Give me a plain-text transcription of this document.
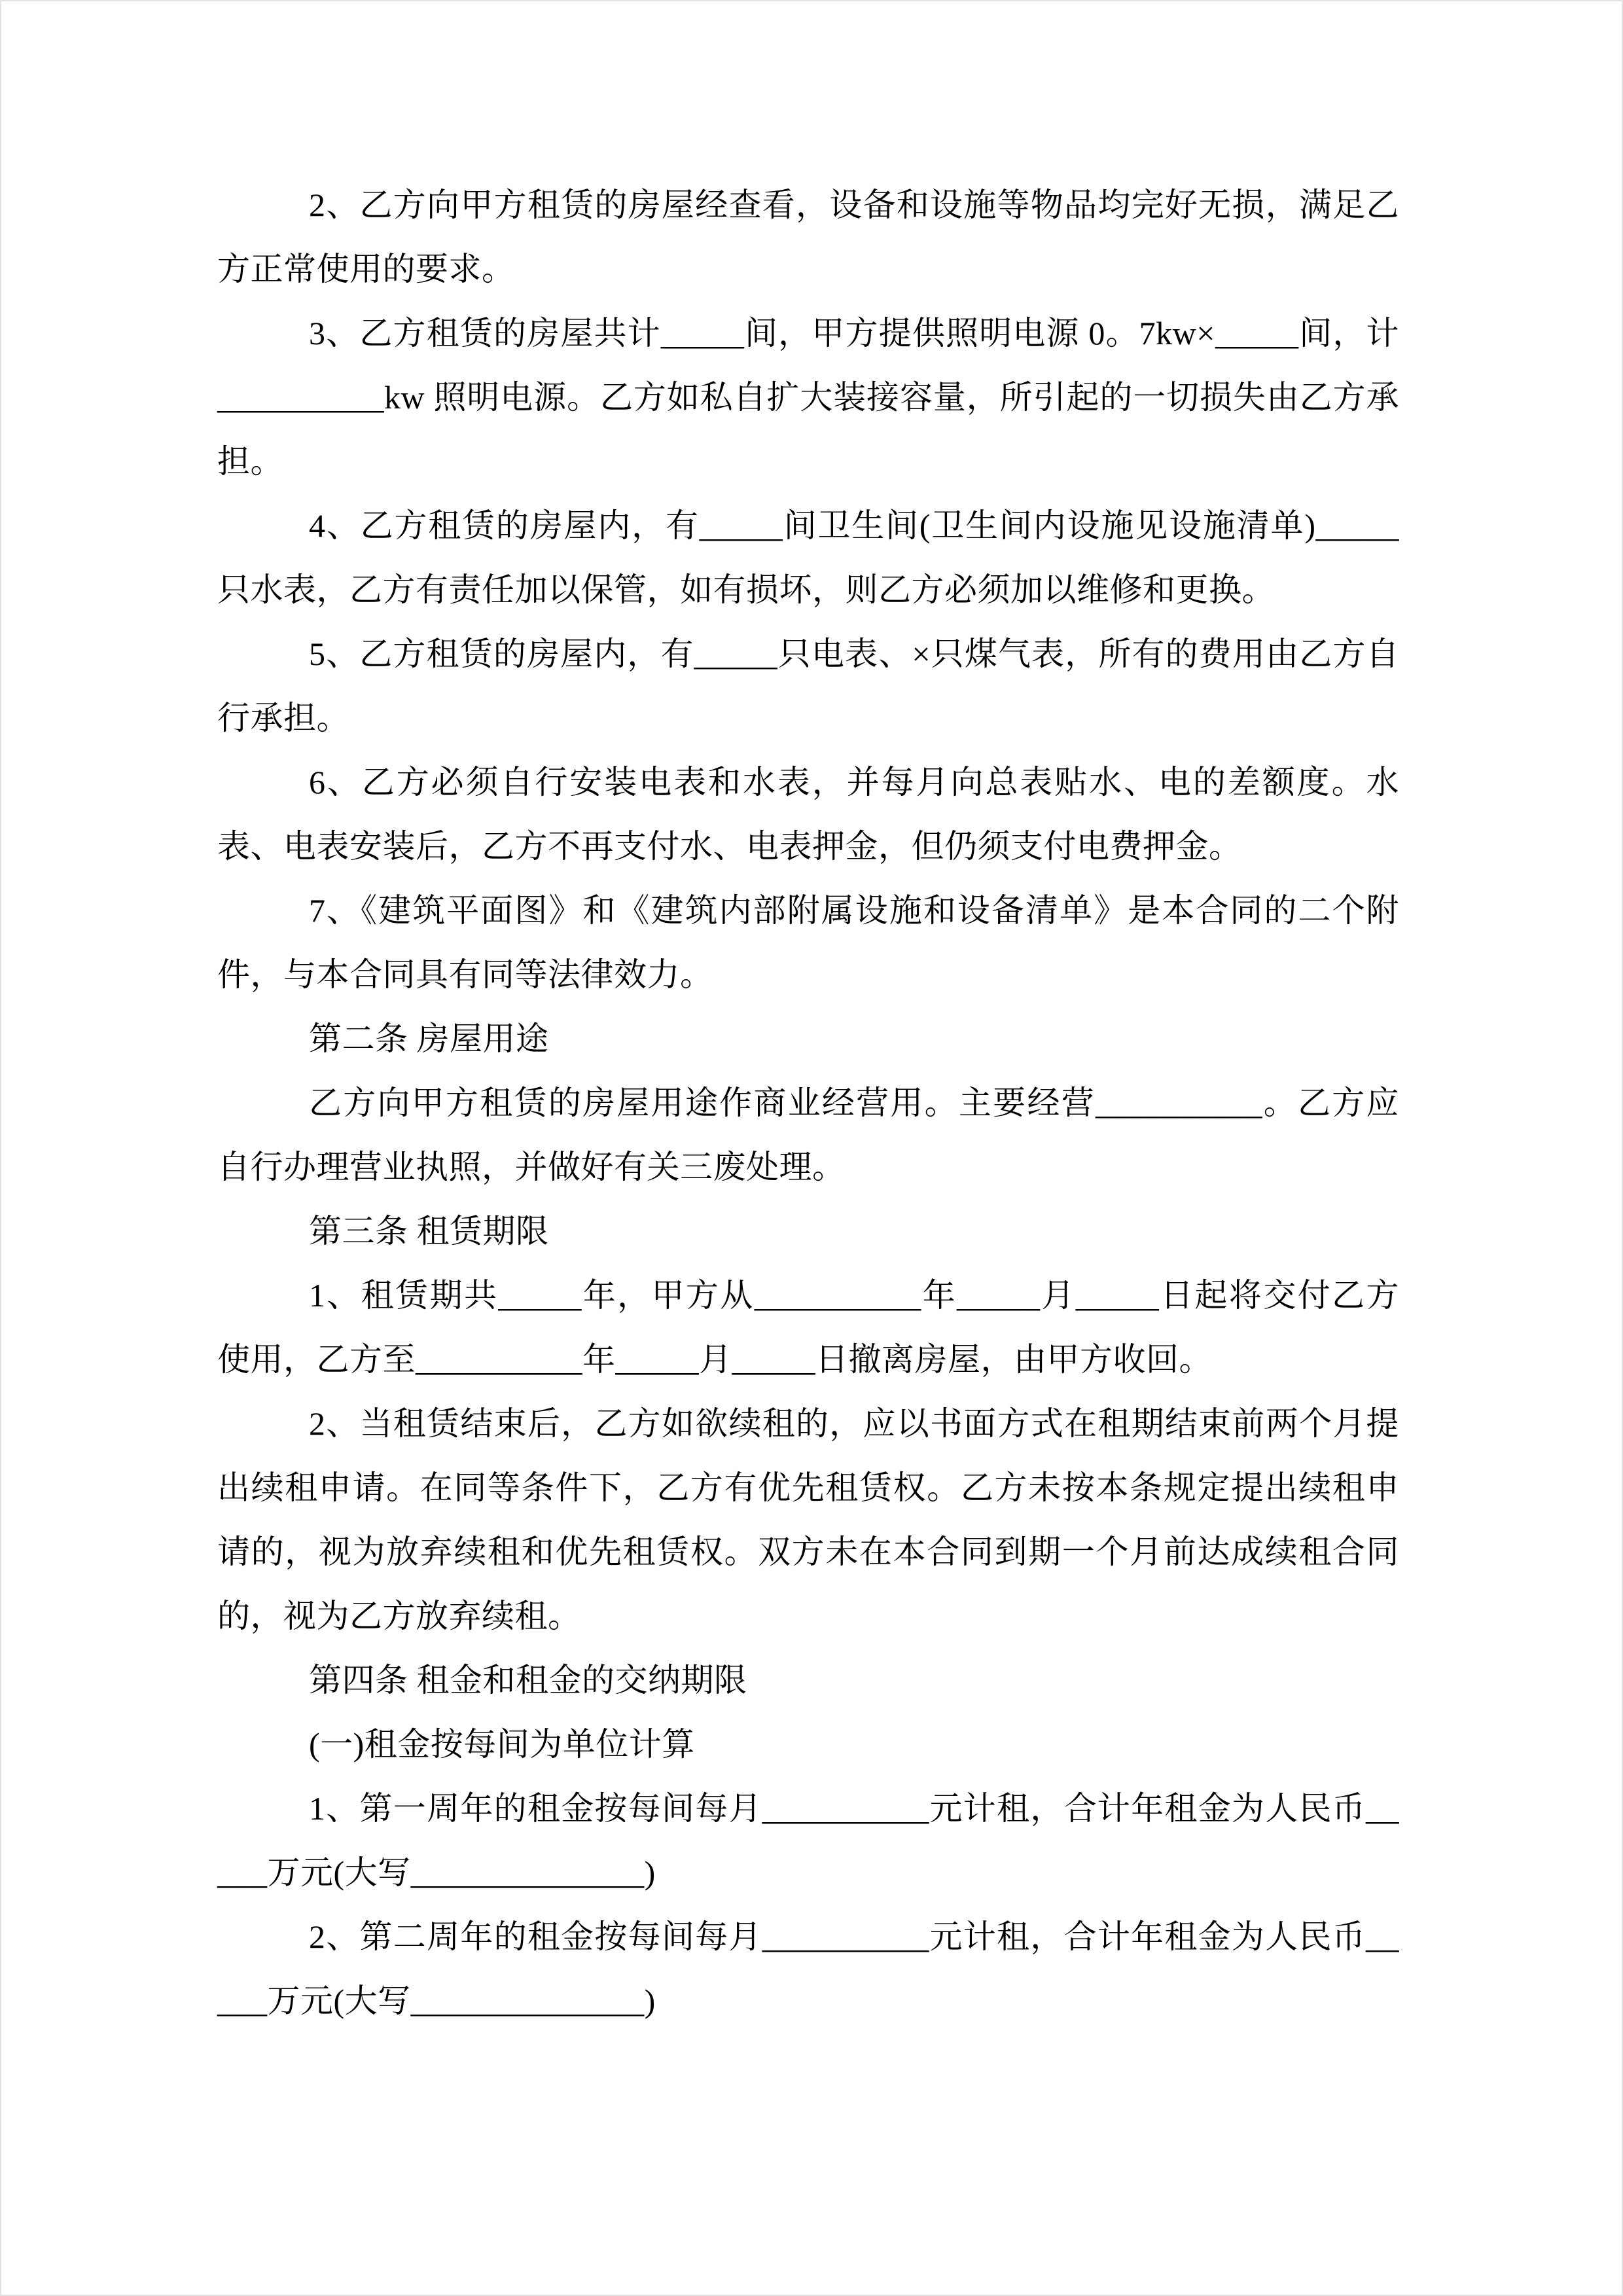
2、乙方向甲方租赁的房屋经查看，设备和设施等物品均完好无损，满足乙方正常使用的要求。

3、乙方租赁的房屋共计_____间，甲方提供照明电源 0。7kw×_____间，计__________kw 照明电源。乙方如私自扩大装接容量，所引起的一切损失由乙方承担。

4、乙方租赁的房屋内，有_____间卫生间(卫生间内设施见设施清单)_____只水表，乙方有责任加以保管，如有损坏，则乙方必须加以维修和更换。

5、乙方租赁的房屋内，有_____只电表、×只煤气表，所有的费用由乙方自行承担。

6、乙方必须自行安装电表和水表，并每月向总表贴水、电的差额度。水表、电表安装后，乙方不再支付水、电表押金，但仍须支付电费押金。

7、《建筑平面图》和《建筑内部附属设施和设备清单》是本合同的二个附件，与本合同具有同等法律效力。

第二条 房屋用途

乙方向甲方租赁的房屋用途作商业经营用。主要经营__________。乙方应自行办理营业执照，并做好有关三废处理。

第三条 租赁期限

1、租赁期共_____年，甲方从__________年_____月_____日起将交付乙方使用，乙方至__________年_____月_____日撤离房屋，由甲方收回。

2、当租赁结束后，乙方如欲续租的，应以书面方式在租期结束前两个月提出续租申请。在同等条件下，乙方有优先租赁权。乙方未按本条规定提出续租申请的，视为放弃续租和优先租赁权。双方未在本合同到期一个月前达成续租合同的，视为乙方放弃续租。

第四条 租金和租金的交纳期限

(一)租金按每间为单位计算

1、第一周年的租金按每间每月__________元计租，合计年租金为人民币_____万元(大写______________)

2、第二周年的租金按每间每月__________元计租，合计年租金为人民币_____万元(大写______________)
